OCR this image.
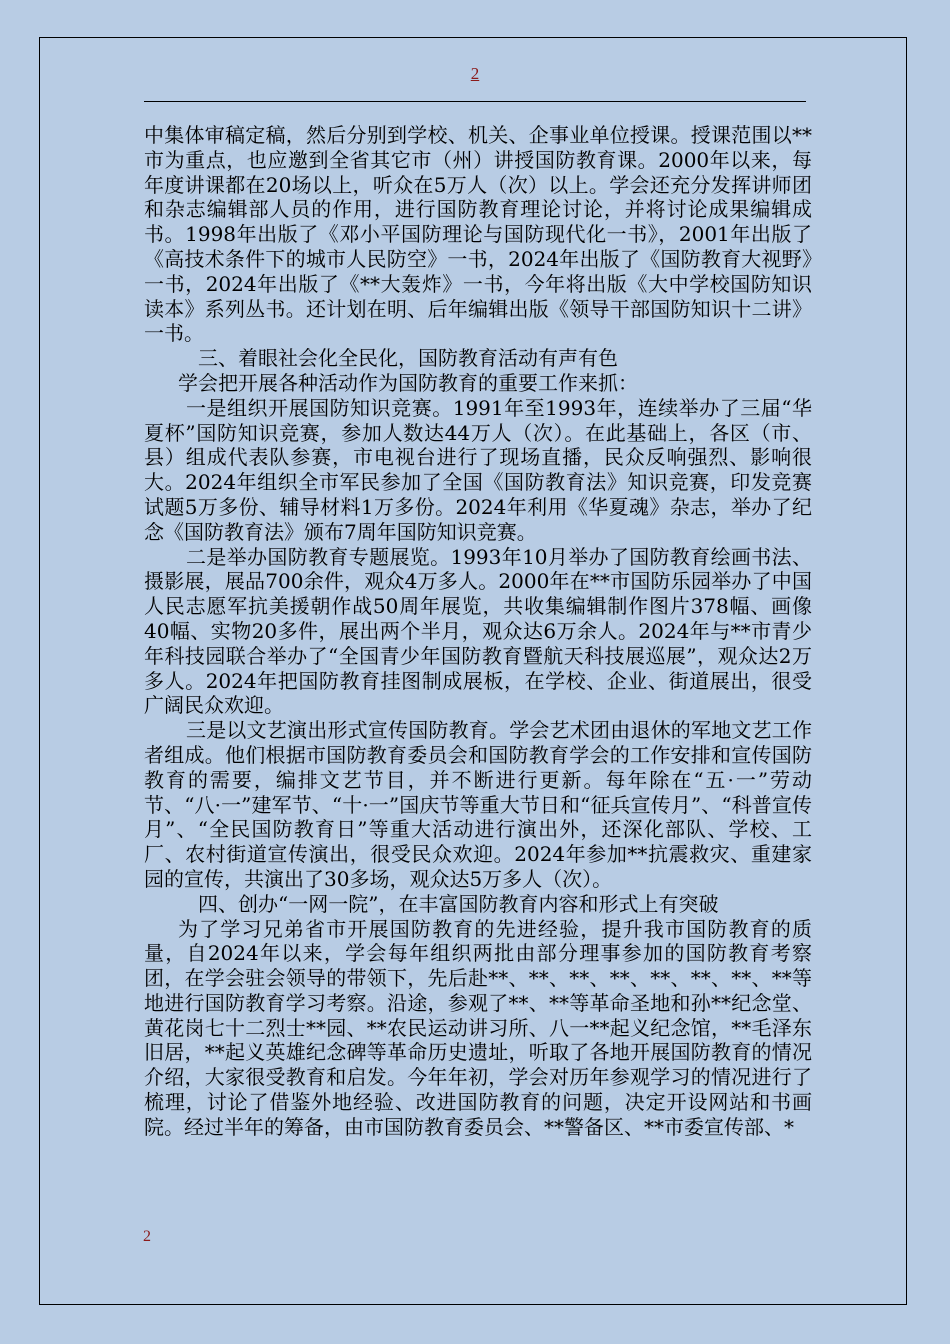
2

中集体审稿定稿，然后分别到学校、机关、企事业单位授课。授课范围以**市为重点，也应邀到全省其它市（州）讲授国防教育课。2000年以来，每年度讲课都在20场以上，听众在5万人（次）以上。学会还充分发挥讲师团和杂志编辑部人员的作用，进行国防教育理论讨论，并将讨论成果编辑成书。1998年出版了《邓小平国防理论与国防现代化一书》，2001年出版了《高技术条件下的城市人民防空》一书，2024年出版了《国防教育大视野》一书，2024年出版了《**大轰炸》一书，今年将出版《大中学校国防知识读本》系列丛书。还计划在明、后年编辑出版《领导干部国防知识十二讲》一书。

三、着眼社会化全民化，国防教育活动有声有色

学会把开展各种活动作为国防教育的重要工作来抓：

一是组织开展国防知识竞赛。1991年至1993年，连续举办了三届“华夏杯”国防知识竞赛，参加人数达44万人（次）。在此基础上，各区（市、县）组成代表队参赛，市电视台进行了现场直播，民众反响强烈、影响很大。2024年组织全市军民参加了全国《国防教育法》知识竞赛，印发竞赛试题5万多份、辅导材料1万多份。2024年利用《华夏魂》杂志，举办了纪念《国防教育法》颁布7周年国防知识竞赛。

二是举办国防教育专题展览。1993年10月举办了国防教育绘画书法、摄影展，展品700余件，观众4万多人。2000年在**市国防乐园举办了中国人民志愿军抗美援朝作战50周年展览，共收集编辑制作图片378幅、画像40幅、实物20多件，展出两个半月，观众达6万余人。2024年与**市青少年科技园联合举办了“全国青少年国防教育暨航天科技展巡展”，观众达2万多人。2024年把国防教育挂图制成展板，在学校、企业、街道展出，很受广阔民众欢迎。

三是以文艺演出形式宣传国防教育。学会艺术团由退休的军地文艺工作者组成。他们根据市国防教育委员会和国防教育学会的工作安排和宣传国防教育的需要，编排文艺节目，并不断进行更新。每年除在“五·一”劳动节、“八·一”建军节、“十·一”国庆节等重大节日和“征兵宣传月”、“科普宣传月”、“全民国防教育日”等重大活动进行演出外，还深化部队、学校、工厂、农村街道宣传演出，很受民众欢迎。2024年参加**抗震救灾、重建家园的宣传，共演出了30多场，观众达5万多人（次）。

四、创办“一网一院”，在丰富国防教育内容和形式上有突破

为了学习兄弟省市开展国防教育的先进经验，提升我市国防教育的质量，自2024年以来，学会每年组织两批由部分理事参加的国防教育考察团，在学会驻会领导的带领下，先后赴**、**、**、**、**、**、**、**等地进行国防教育学习考察。沿途，参观了**、**等革命圣地和孙**纪念堂、黄花岗七十二烈士**园、**农民运动讲习所、八一**起义纪念馆，**毛泽东旧居，**起义英雄纪念碑等革命历史遗址，听取了各地开展国防教育的情况介绍，大家很受教育和启发。今年年初，学会对历年参观学习的情况进行了梳理，讨论了借鉴外地经验、改进国防教育的问题，决定开设网站和书画院。经过半年的筹备，由市国防教育委员会、**警备区、**市委宣传部、*

2
